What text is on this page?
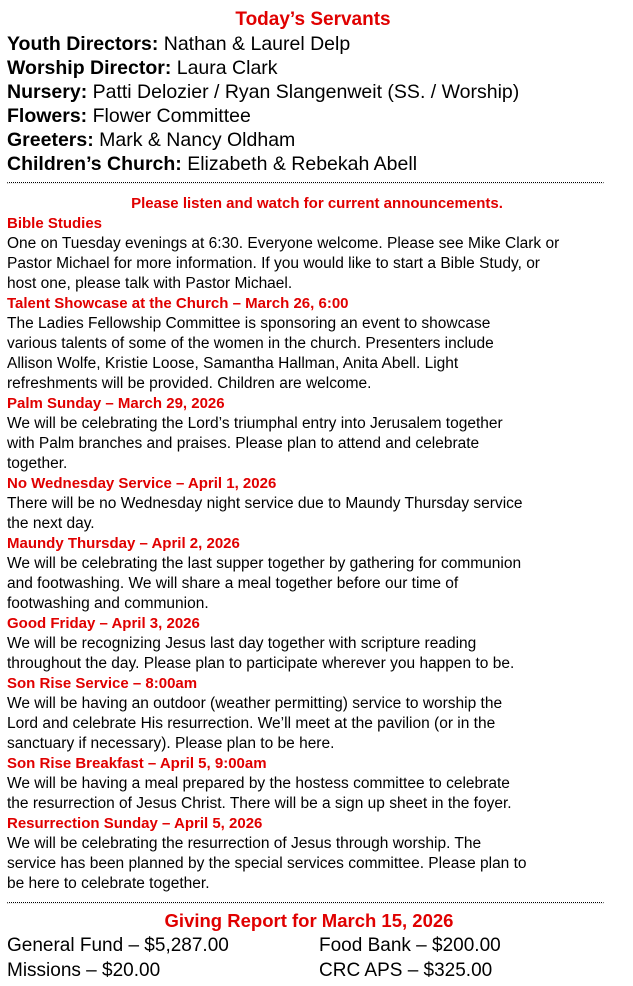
Today’s Servants
Youth Directors: Nathan & Laurel Delp
Worship Director: Laura Clark
Nursery: Patti Delozier / Ryan Slangenweit (SS. / Worship)
Flowers: Flower Committee
Greeters: Mark & Nancy Oldham
Children’s Church: Elizabeth & Rebekah Abell
Please listen and watch for current announcements.
Bible Studies
One on Tuesday evenings at 6:30. Everyone welcome. Please see Mike Clark or
Pastor Michael for more information. If you would like to start a Bible Study, or
host one, please talk with Pastor Michael.
Talent Showcase at the Church – March 26, 6:00
The Ladies Fellowship Committee is sponsoring an event to showcase
various talents of some of the women in the church. Presenters include
Allison Wolfe, Kristie Loose, Samantha Hallman, Anita Abell. Light
refreshments will be provided. Children are welcome.
Palm Sunday – March 29, 2026
We will be celebrating the Lord’s triumphal entry into Jerusalem together
with Palm branches and praises. Please plan to attend and celebrate
together.
No Wednesday Service – April 1, 2026
There will be no Wednesday night service due to Maundy Thursday service
the next day.
Maundy Thursday – April 2, 2026
We will be celebrating the last supper together by gathering for communion
and footwashing. We will share a meal together before our time of
footwashing and communion.
Good Friday – April 3, 2026
We will be recognizing Jesus last day together with scripture reading
throughout the day. Please plan to participate wherever you happen to be.
Son Rise Service – 8:00am
We will be having an outdoor (weather permitting) service to worship the
Lord and celebrate His resurrection. We’ll meet at the pavilion (or in the
sanctuary if necessary). Please plan to be here.
Son Rise Breakfast – April 5, 9:00am
We will be having a meal prepared by the hostess committee to celebrate
the resurrection of Jesus Christ. There will be a sign up sheet in the foyer.
Resurrection Sunday – April 5, 2026
We will be celebrating the resurrection of Jesus through worship. The
service has been planned by the special services committee. Please plan to
be here to celebrate together.
Giving Report for March 15, 2026
General Fund – $5,287.00	Food Bank – $200.00
Missions – $20.00	CRC APS – $325.00
